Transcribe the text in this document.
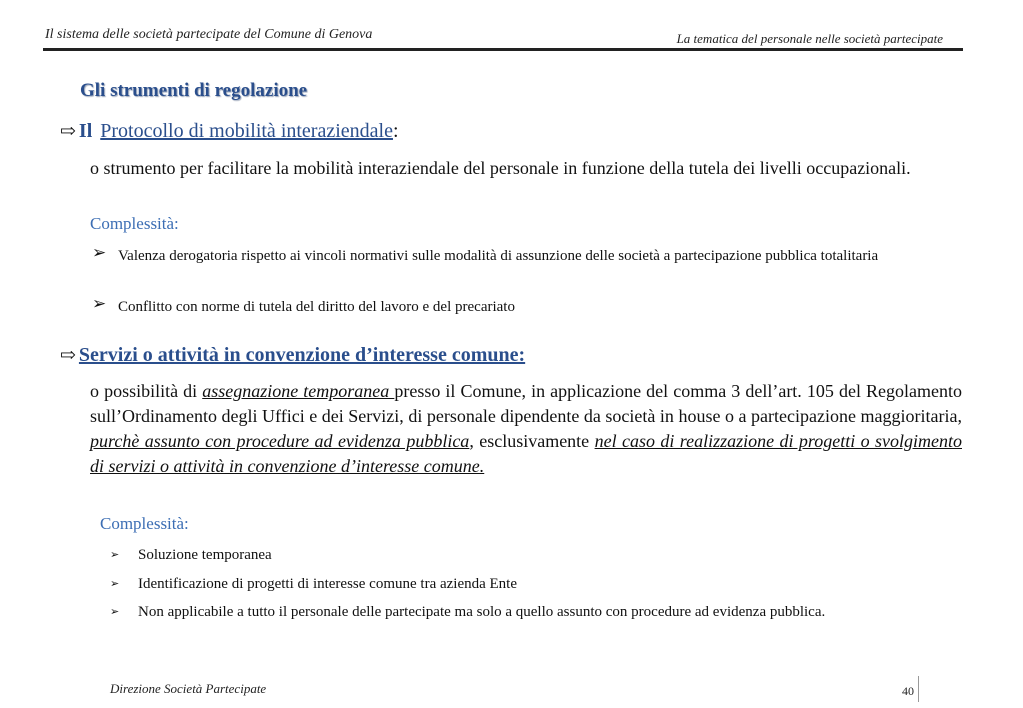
Il sistema delle società partecipate del Comune di Genova	La tematica del personale nelle società partecipate
Gli strumenti di regolazione
⇨ Il Protocollo di mobilità interaziendale:
o strumento per facilitare la mobilità interaziendale del personale in funzione della tutela dei livelli occupazionali.
Complessità:
➢ Valenza derogatoria rispetto ai vincoli normativi sulle modalità di assunzione delle società a partecipazione pubblica totalitaria
➢ Conflitto con norme di tutela del diritto del lavoro e del precariato
⇨ Servizi o attività in convenzione d’interesse comune:
o possibilità di assegnazione temporanea presso il Comune, in applicazione del comma 3 dell’art. 105 del Regolamento sull’Ordinamento degli Uffici e dei Servizi, di personale dipendente da società in house o a partecipazione maggioritaria, purchè assunto con procedure ad evidenza pubblica, esclusivamente nel caso di realizzazione di progetti o svolgimento di servizi o attività in convenzione d’interesse comune.
Complessità:
➢ Soluzione temporanea
➢ Identificazione di progetti di interesse comune tra azienda Ente
➢ Non applicabile a tutto il personale delle partecipate ma solo a quello assunto con procedure ad evidenza pubblica.
Direzione Società Partecipate	40
